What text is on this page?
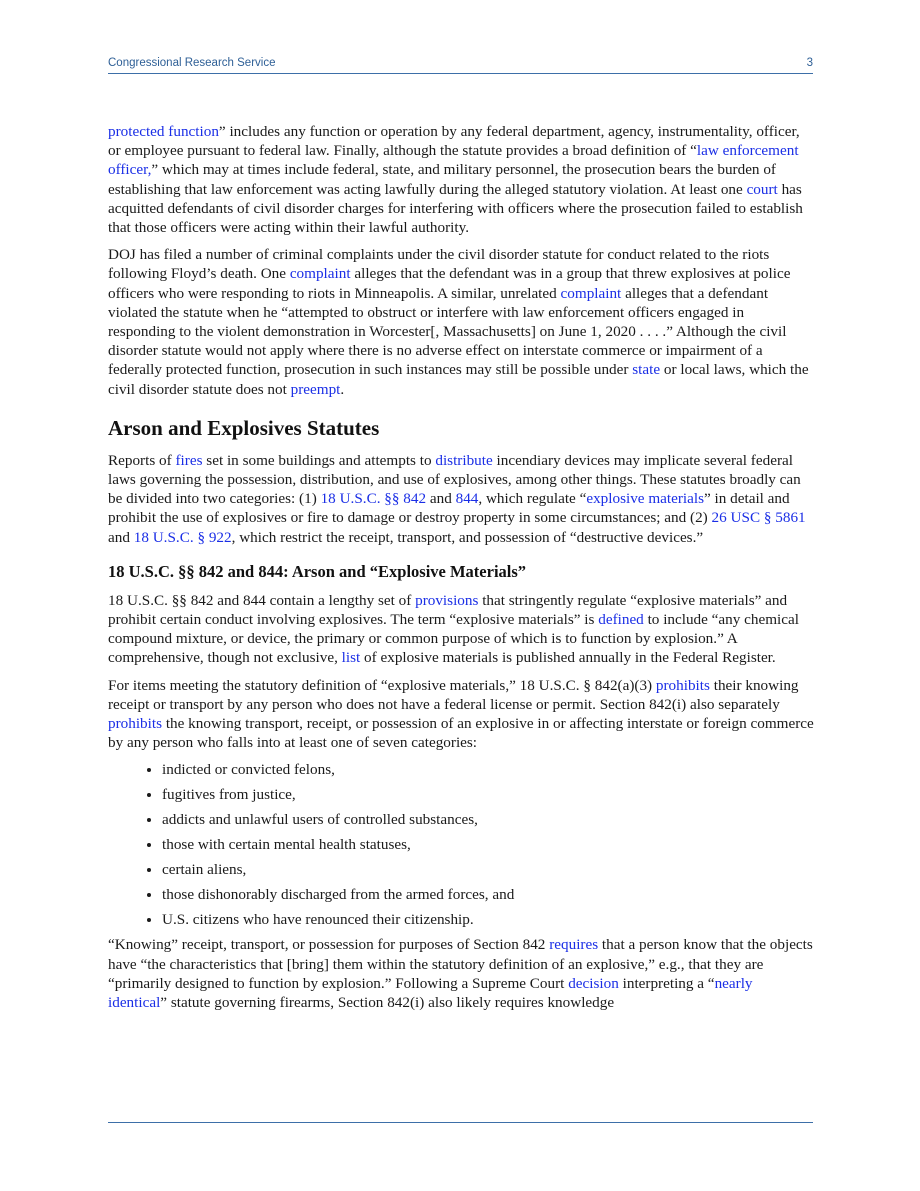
Congressional Research Service	3

protected function” includes any function or operation by any federal department, agency, instrumentality, officer, or employee pursuant to federal law. Finally, although the statute provides a broad definition of “law enforcement officer,” which may at times include federal, state, and military personnel, the prosecution bears the burden of establishing that law enforcement was acting lawfully during the alleged statutory violation. At least one court has acquitted defendants of civil disorder charges for interfering with officers where the prosecution failed to establish that those officers were acting within their lawful authority.

DOJ has filed a number of criminal complaints under the civil disorder statute for conduct related to the riots following Floyd’s death. One complaint alleges that the defendant was in a group that threw explosives at police officers who were responding to riots in Minneapolis. A similar, unrelated complaint alleges that a defendant violated the statute when he “attempted to obstruct or interfere with law enforcement officers engaged in responding to the violent demonstration in Worcester[, Massachusetts] on June 1, 2020 . . . .” Although the civil disorder statute would not apply where there is no adverse effect on interstate commerce or impairment of a federally protected function, prosecution in such instances may still be possible under state or local laws, which the civil disorder statute does not preempt.

Arson and Explosives Statutes

Reports of fires set in some buildings and attempts to distribute incendiary devices may implicate several federal laws governing the possession, distribution, and use of explosives, among other things. These statutes broadly can be divided into two categories: (1) 18 U.S.C. §§ 842 and 844, which regulate “explosive materials” in detail and prohibit the use of explosives or fire to damage or destroy property in some circumstances; and (2) 26 USC § 5861 and 18 U.S.C. § 922, which restrict the receipt, transport, and possession of “destructive devices.”

18 U.S.C. §§ 842 and 844: Arson and “Explosive Materials”

18 U.S.C. §§ 842 and 844 contain a lengthy set of provisions that stringently regulate “explosive materials” and prohibit certain conduct involving explosives. The term “explosive materials” is defined to include “any chemical compound mixture, or device, the primary or common purpose of which is to function by explosion.” A comprehensive, though not exclusive, list of explosive materials is published annually in the Federal Register.

For items meeting the statutory definition of “explosive materials,” 18 U.S.C. § 842(a)(3) prohibits their knowing receipt or transport by any person who does not have a federal license or permit. Section 842(i) also separately prohibits the knowing transport, receipt, or possession of an explosive in or affecting interstate or foreign commerce by any person who falls into at least one of seven categories:

• indicted or convicted felons,
• fugitives from justice,
• addicts and unlawful users of controlled substances,
• those with certain mental health statuses,
• certain aliens,
• those dishonorably discharged from the armed forces, and
• U.S. citizens who have renounced their citizenship.

“Knowing” receipt, transport, or possession for purposes of Section 842 requires that a person know that the objects have “the characteristics that [bring] them within the statutory definition of an explosive,” e.g., that they are “primarily designed to function by explosion.” Following a Supreme Court decision interpreting a “nearly identical” statute governing firearms, Section 842(i) also likely requires knowledge
